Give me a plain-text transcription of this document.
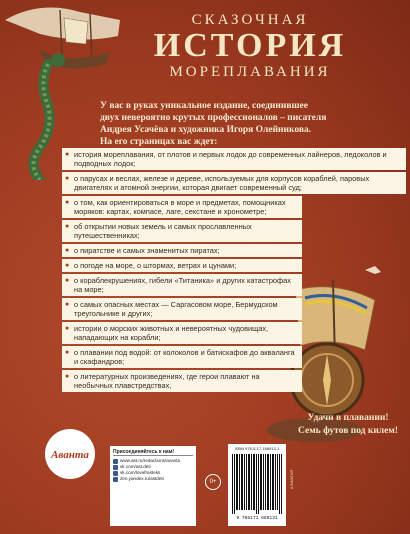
СКАЗОЧНАЯ
ИСТОРИЯ
МОРЕПЛАВАНИЯ
У вас в руках уникальное издание, соединившее
двух невероятно крутых профессионалов – писателя
Андрея Усачёва и художника Игоря Олейникова.
На его страницах вас ждет:
● история мореплавания, от плотов и первых лодок до современных лайнеров, ледоколов и подводных лодок;
● о парусах и веслах, железе и дереве, используемых для корпусов кораблей, паровых двигателях и атомной энергии, которая двигает современный суд;
● о том, как ориентироваться в море и предметах, помощниках моряков: картах, компасе, лаге, секстане и хронометре;
● об открытии новых земель и самых прославленных путешественниках;
● о пиратстве и самых знаменитых пиратах;
● о погоде на море, о штормах, ветрах и цунами;
● о кораблекрушениях, гибели «Титаника» и других катастрофах на море;
● о самых опасных местах — Саргасовом море, Бермудском треугольнике и других;
● истории о морских животных и невероятных чудовищах, нападающих на корабли;
● о плавании под водой: от колоколов и батискафов до акваланга и скафандров;
● о литературных произведениях, где герои плавают на необычных плавстредствах,
Удачи в плавании!
Семь футов под килем!
Аванта	Присоединяйтесь к нам!
www.ast.ru/redactions/avanta
vk.com/ast.deti
vk.com/lovefrasteks
zen.yandex.ru/astdeti
0+
ISBN 978-5-17-168913-1
9 785171 689131
АЛЬМАТИЯ
